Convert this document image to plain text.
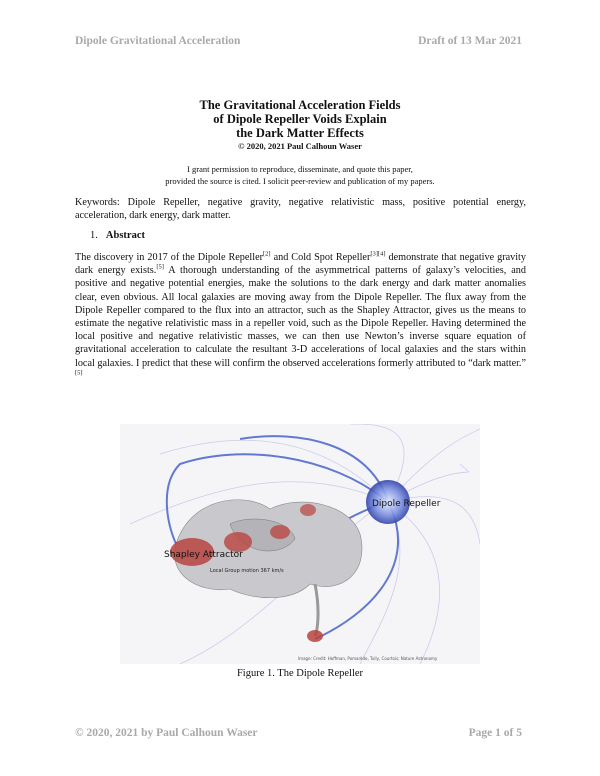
Dipole Gravitational Acceleration	Draft of 13 Mar 2021
The Gravitational Acceleration Fields
of Dipole Repeller Voids Explain
the Dark Matter Effects
© 2020, 2021 Paul Calhoun Waser
I grant permission to reproduce, disseminate, and quote this paper,
provided the source is cited. I solicit peer-review and publication of my papers.
Keywords: Dipole Repeller, negative gravity, negative relativistic mass, positive potential energy, acceleration, dark energy, dark matter.
1. Abstract
The discovery in 2017 of the Dipole Repeller[2] and Cold Spot Repeller[3][4] demonstrate that negative gravity dark energy exists.[5] A thorough understanding of the asymmetrical patterns of galaxy’s velocities, and positive and negative potential energies, make the solutions to the dark energy and dark matter anomalies clear, even obvious. All local galaxies are moving away from the Dipole Repeller. The flux away from the Dipole Repeller compared to the flux into an attractor, such as the Shapley Attractor, gives us the means to estimate the negative relativistic mass in a repeller void, such as the Dipole Repeller. Having determined the local positive and negative relativistic masses, we can then use Newton’s inverse square equation of gravitational acceleration to calculate the resultant 3-D accelerations of local galaxies and the stars within local galaxies. I predict that these will confirm the observed accelerations formerly attributed to “dark matter.” [5]
Dipole Repeller
Shapley Attractor
Local Group motion 367 km/s
Image: Credit: Hoffman, Pomarède, Tully, Courtois; Nature Astronomy
Figure 1. The Dipole Repeller
© 2020, 2021 by Paul Calhoun Waser	Page 1 of 5
